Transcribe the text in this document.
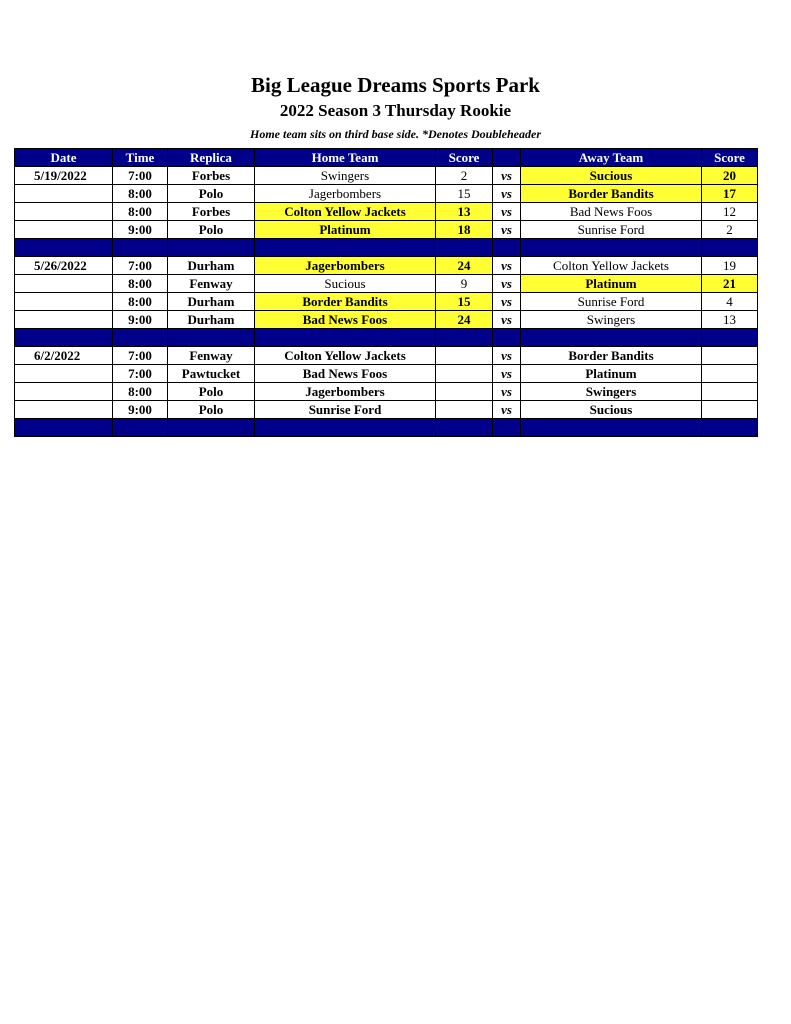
Big League Dreams Sports Park
2022 Season 3 Thursday Rookie
Home team sits on third base side. *Denotes Doubleheader
Date	Time	Replica	Home Team	Score		Away Team	Score
5/19/2022	7:00	Forbes	Swingers	2	vs	Sucious	20
	8:00	Polo	Jagerbombers	15	vs	Border Bandits	17
	8:00	Forbes	Colton Yellow Jackets	13	vs	Bad News Foos	12
	9:00	Polo	Platinum	18	vs	Sunrise Ford	2

5/26/2022	7:00	Durham	Jagerbombers	24	vs	Colton Yellow Jackets	19
	8:00	Fenway	Sucious	9	vs	Platinum	21
	8:00	Durham	Border Bandits	15	vs	Sunrise Ford	4
	9:00	Durham	Bad News Foos	24	vs	Swingers	13

6/2/2022	7:00	Fenway	Colton Yellow Jackets		vs	Border Bandits	
	7:00	Pawtucket	Bad News Foos		vs	Platinum	
	8:00	Polo	Jagerbombers		vs	Swingers	
	9:00	Polo	Sunrise Ford		vs	Sucious	
